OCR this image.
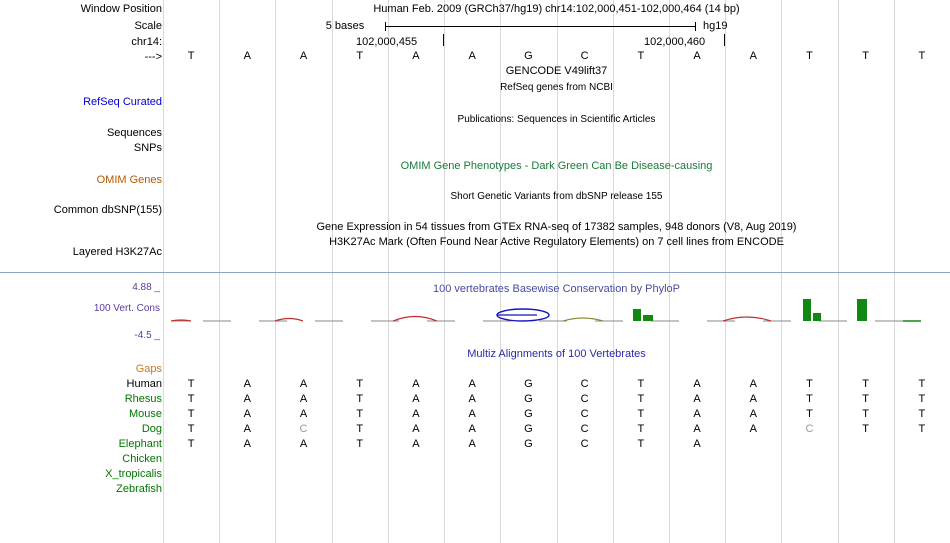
Window Position	Human Feb. 2009 (GRCh37/hg19) chr14:102,000,451-102,000,464 (14 bp)
Scale	5 bases	hg19
chr14:	102,000,455	102,000,460
--->	T	A	A	T	A	A	G	C	T	A	A	T	T	T
GENCODE V49lift37
RefSeq genes from NCBI
RefSeq Curated
Sequences
SNPs
Publications: Sequences in Scientific Articles
OMIM Gene Phenotypes - Dark Green Can Be Disease-causing
OMIM Genes
Short Genetic Variants from dbSNP release 155
Common dbSNP(155)
Gene Expression in 54 tissues from GTEx RNA-seq of 17382 samples, 948 donors (V8, Aug 2019)
H3K27Ac Mark (Often Found Near Active Regulatory Elements) on 7 cell lines from ENCODE
Layered H3K27Ac
100 vertebrates Basewise Conservation by PhyloP
4.88 _
100 Vert. Cons
-4.5 _
Multiz Alignments of 100 Vertebrates
Gaps
Human	T	A	A	T	A	A	G	C	T	A	A	T	T	T
Rhesus	T	A	A	T	A	A	G	C	T	A	A	T	T	T
Mouse	T	A	A	T	A	A	G	C	T	A	A	T	T	T
Dog	T	A	C	T	A	A	G	C	T	A	A	C	T	T
Elephant	T	A	A	T	A	A	G	C	T	A
Chicken
X_tropicalis
Zebrafish
